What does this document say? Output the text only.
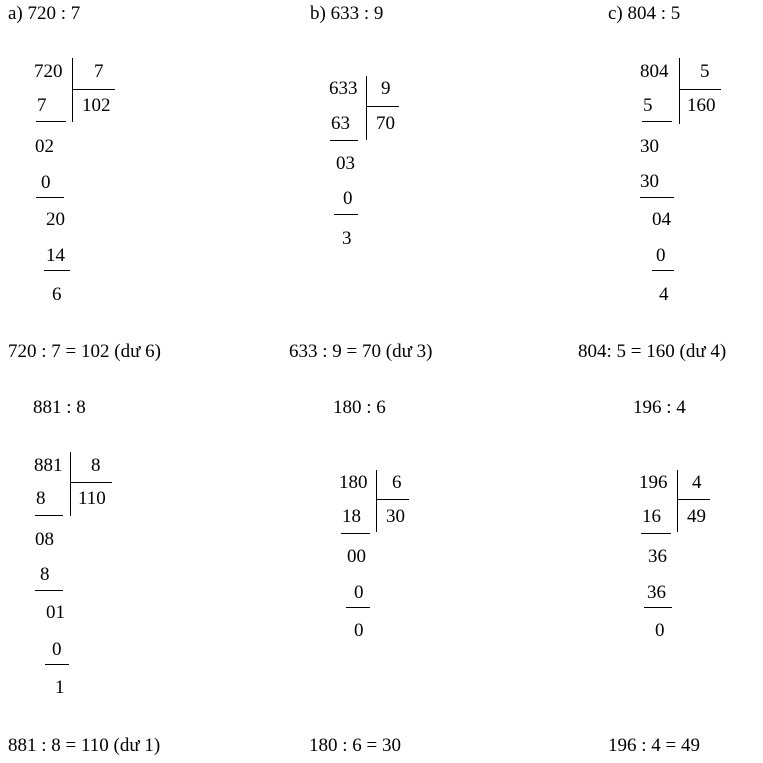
a) 720 : 7	b) 633 : 9	c) 804 : 5
720 7
102
7
02
0
20
14
6
633 9
70
63
03
0
3
804 5
160
5
30
30
04
0
4
720 : 7 = 102 (dư 6)	633 : 9 = 70 (dư 3)	804: 5 = 160 (dư 4)
881 : 8	180 : 6	196 : 4
881 8
110
8
08
8
01
0
1
180 6
30
18
00
0
0
196 4
49
16
36
36
0
881 : 8 = 110 (dư 1)	180 : 6 = 30	196 : 4 = 49
